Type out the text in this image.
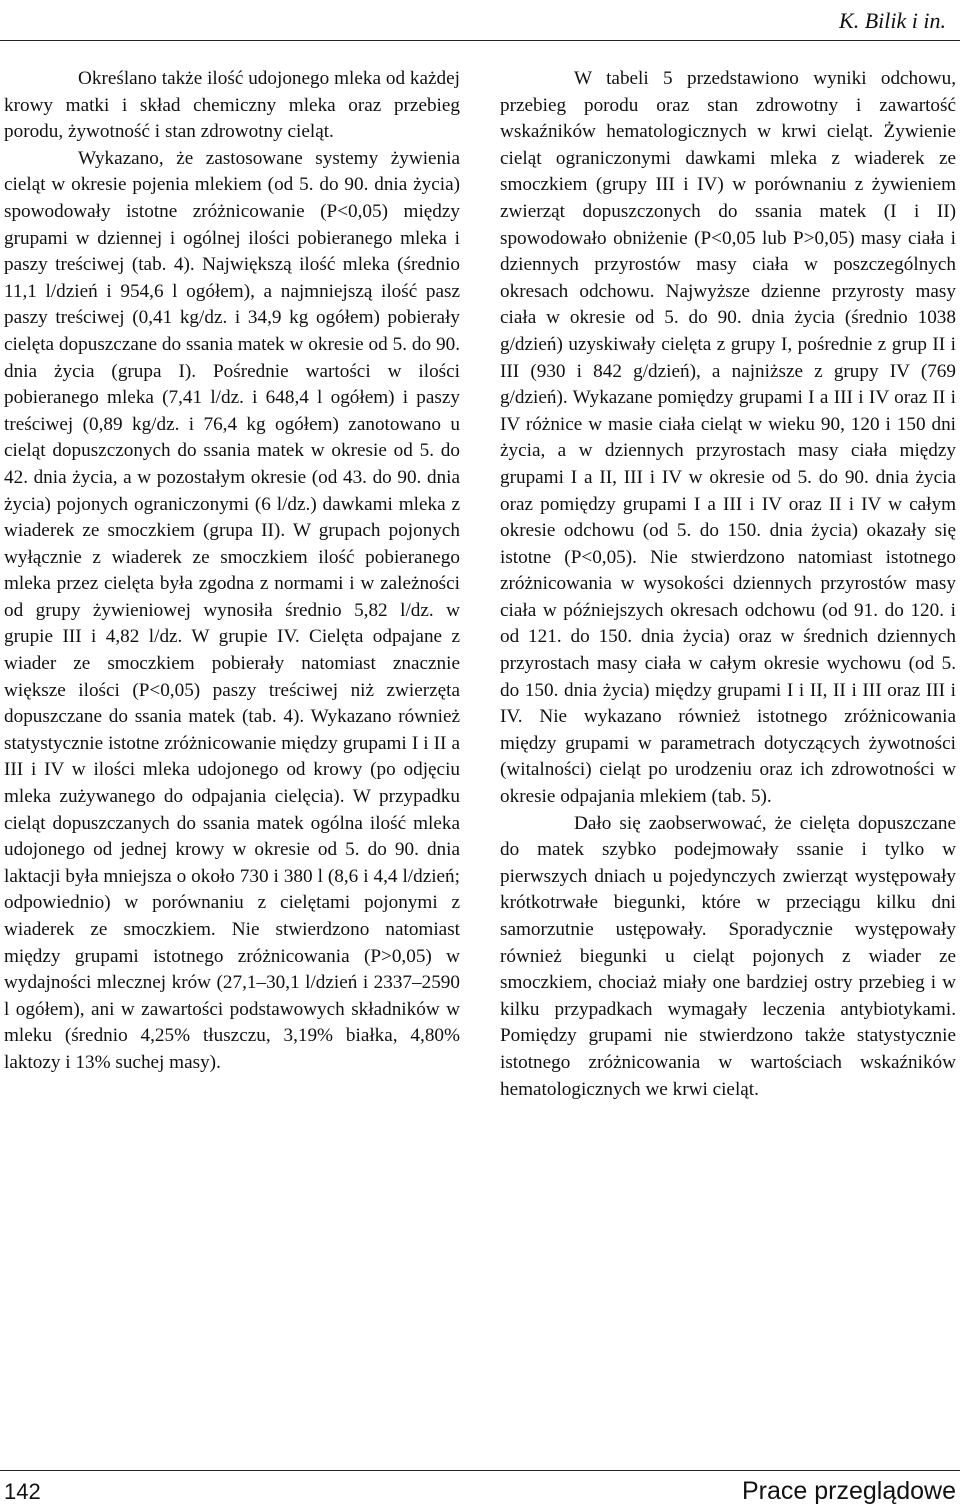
K. Bilik i in.

Określano także ilość udojonego mleka od każdej krowy matki i skład chemiczny mleka oraz przebieg porodu, żywotność i stan zdrowotny cieląt.

Wykazano, że zastosowane systemy żywienia cieląt w okresie pojenia mlekiem (od 5. do 90. dnia życia) spowodowały istotne zróżnicowanie (P<0,05) między grupami w dziennej i ogólnej ilości pobieranego mleka i paszy treściwej (tab. 4). Największą ilość mleka (średnio 11,1 l/dzień i 954,6 l ogółem), a najmniejszą ilość pasz paszy treściwej (0,41 kg/dz. i 34,9 kg ogółem) pobierały cielęta dopuszczane do ssania matek w okresie od 5. do 90. dnia życia (grupa I). Pośrednie wartości w ilości pobieranego mleka (7,41 l/dz. i 648,4 l ogółem) i paszy treściwej (0,89 kg/dz. i 76,4 kg ogółem) zanotowano u cieląt dopuszczonych do ssania matek w okresie od 5. do 42. dnia życia, a w pozostałym okresie (od 43. do 90. dnia życia) pojonych ograniczonymi (6 l/dz.) dawkami mleka z wiaderek ze smoczkiem (grupa II). W grupach pojonych wyłącznie z wiaderek ze smoczkiem ilość pobieranego mleka przez cielęta była zgodna z normami i w zależności od grupy żywieniowej wynosiła średnio 5,82 l/dz. w grupie III i 4,82 l/dz. W grupie IV. Cielęta odpajane z wiader ze smoczkiem pobierały natomiast znacznie większe ilości (P<0,05) paszy treściwej niż zwierzęta dopuszczane do ssania matek (tab. 4). Wykazano również statystycznie istotne zróżnicowanie między grupami I i II a III i IV w ilości mleka udojonego od krowy (po odjęciu mleka zużywanego do odpajania cielęcia). W przypadku cieląt dopuszczanych do ssania matek ogólna ilość mleka udojonego od jednej krowy w okresie od 5. do 90. dnia laktacji była mniejsza o około 730 i 380 l (8,6 i 4,4 l/dzień; odpowiednio) w porównaniu z cielętami pojonymi z wiaderek ze smoczkiem. Nie stwierdzono natomiast między grupami istotnego zróżnicowania (P>0,05) w wydajności mlecznej krów (27,1–30,1 l/dzień i 2337–2590 l ogółem), ani w zawartości podstawowych składników w mleku (średnio 4,25% tłuszczu, 3,19% białka, 4,80% laktozy i 13% suchej masy).

W tabeli 5 przedstawiono wyniki odchowu, przebieg porodu oraz stan zdrowotny i zawartość wskaźników hematologicznych w krwi cieląt. Żywienie cieląt ograniczonymi dawkami mleka z wiaderek ze smoczkiem (grupy III i IV) w porównaniu z żywieniem zwierząt dopuszczonych do ssania matek (I i II) spowodowało obniżenie (P<0,05 lub P>0,05) masy ciała i dziennych przyrostów masy ciała w poszczególnych okresach odchowu. Najwyższe dzienne przyrosty masy ciała w okresie od 5. do 90. dnia życia (średnio 1038 g/dzień) uzyskiwały cielęta z grupy I, pośrednie z grup II i III (930 i 842 g/dzień), a najniższe z grupy IV (769 g/dzień). Wykazane pomiędzy grupami I a III i IV oraz II i IV różnice w masie ciała cieląt w wieku 90, 120 i 150 dni życia, a w dziennych przyrostach masy ciała między grupami I a II, III i IV w okresie od 5. do 90. dnia życia oraz pomiędzy grupami I a III i IV oraz II i IV w całym okresie odchowu (od 5. do 150. dnia życia) okazały się istotne (P<0,05). Nie stwierdzono natomiast istotnego zróżnicowania w wysokości dziennych przyrostów masy ciała w późniejszych okresach odchowu (od 91. do 120. i od 121. do 150. dnia życia) oraz w średnich dziennych przyrostach masy ciała w całym okresie wychowu (od 5. do 150. dnia życia) między grupami I i II, II i III oraz III i IV. Nie wykazano również istotnego zróżnicowania między grupami w parametrach dotyczących żywotności (witalności) cieląt po urodzeniu oraz ich zdrowotności w okresie odpajania mlekiem (tab. 5).

Dało się zaobserwować, że cielęta dopuszczane do matek szybko podejmowały ssanie i tylko w pierwszych dniach u pojedynczych zwierząt występowały krótkotrwałe biegunki, które w przeciągu kilku dni samorzutnie ustępowały. Sporadycznie występowały również biegunki u cieląt pojonych z wiader ze smoczkiem, chociaż miały one bardziej ostry przebieg i w kilku przypadkach wymagały leczenia antybiotykami. Pomiędzy grupami nie stwierdzono także statystycznie istotnego zróżnicowania w wartościach wskaźników hematologicznych we krwi cieląt.

142	Prace przeglądowe
